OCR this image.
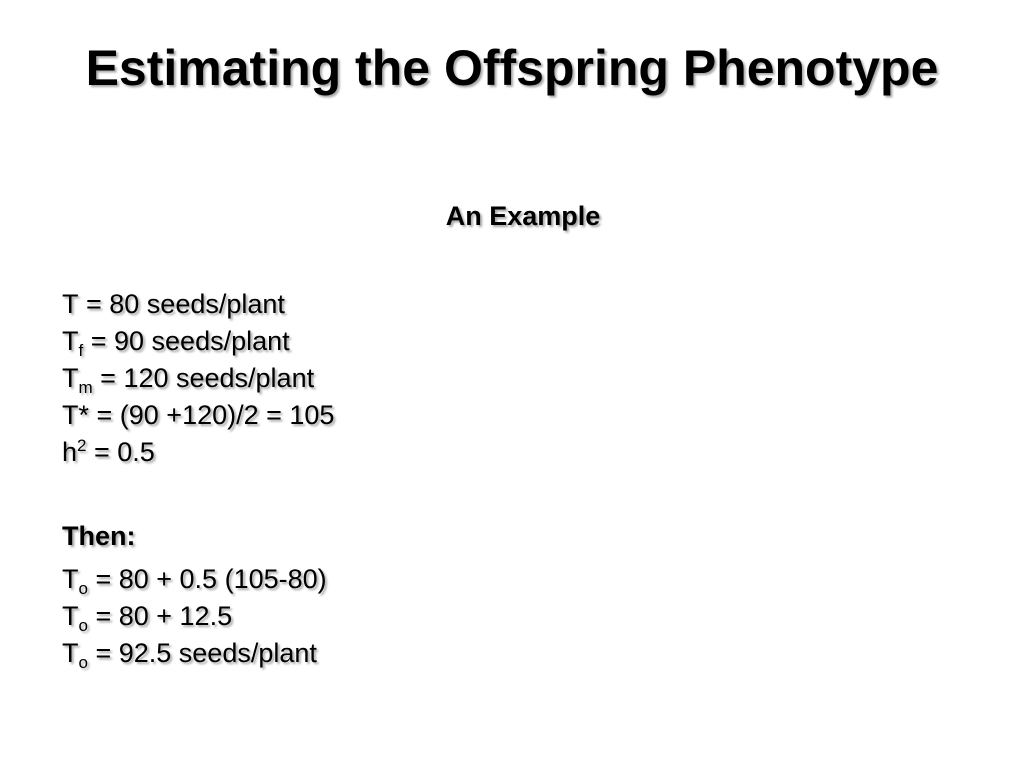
Estimating the Offspring Phenotype
An Example
T = 80 seeds/plant
$T_f = 90$ seeds/plant
$T_m = 120$ seeds/plant
T* = (90 +120)/2 = 105
$h^2 = 0.5$
Then:
$T_o = 80 + 0.5$ (105-80)
$T_o = 80 + 12.5$
$T_o = 92.5$ seeds/plant
